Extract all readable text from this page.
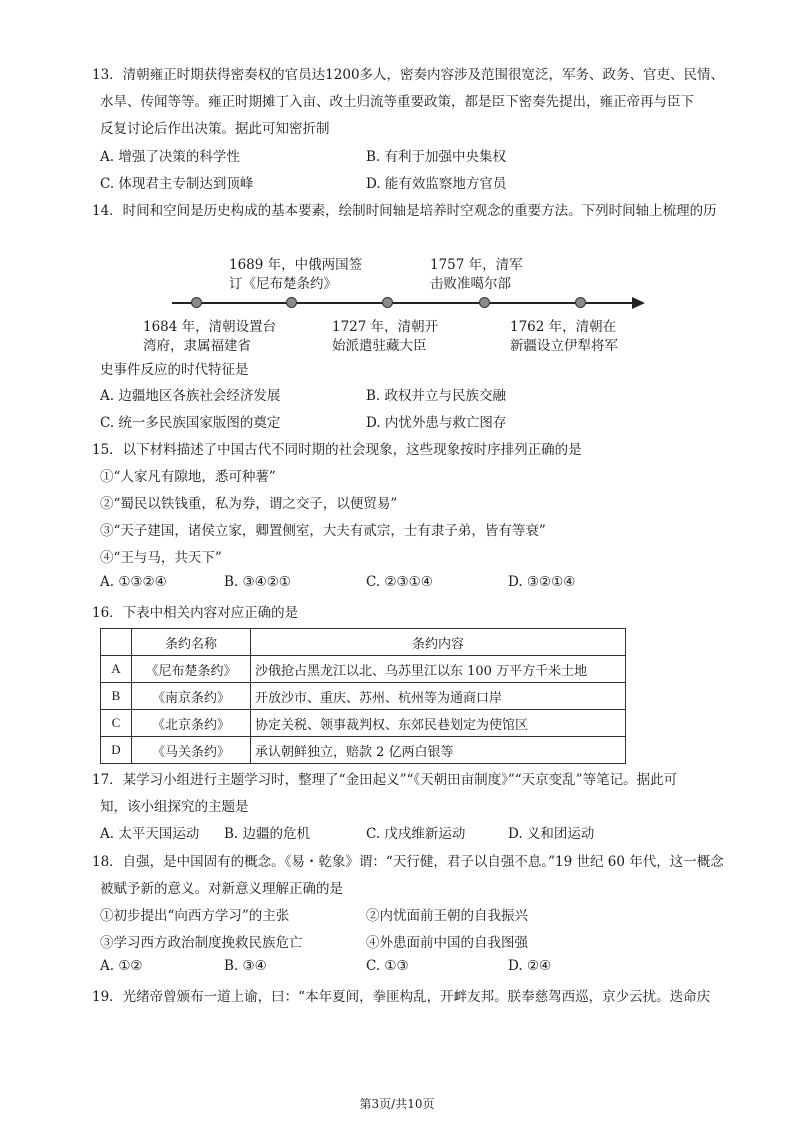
13．清朝雍正时期获得密奏权的官员达1200多人，密奏内容涉及范围很宽泛，军务、政务、官吏、民情、
水旱、传闻等等。雍正时期摊丁入亩、改土归流等重要政策，都是臣下密奏先提出，雍正帝再与臣下
反复讨论后作出决策。据此可知密折制
A. 增强了决策的科学性	B. 有利于加强中央集权
C. 体现君主专制达到顶峰	D. 能有效监察地方官员
14．时间和空间是历史构成的基本要素，绘制时间轴是培养时空观念的重要方法。下列时间轴上梳理的历
1689 年，中俄两国签
订《尼布楚条约》
1757 年，清军
击败准噶尔部
1684 年，清朝设置台
湾府，隶属福建省
1727 年，清朝开
始派遣驻藏大臣
1762 年，清朝在
新疆设立伊犁将军
史事件反应的时代特征是
A. 边疆地区各族社会经济发展	B. 政权并立与民族交融
C. 统一多民族国家版图的奠定	D. 内忧外患与救亡图存
15．以下材料描述了中国古代不同时期的社会现象，这些现象按时序排列正确的是
①“人家凡有隙地，悉可种薯”
②“蜀民以铁钱重，私为券，谓之交子，以便贸易”
③“天子建国，诸侯立家，卿置侧室，大夫有贰宗，士有隶子弟，皆有等衰”
④“王与马，共天下”
A. ①③②④	B. ③④②①	C. ②③①④	D. ③②①④
16．下表中相关内容对应正确的是
	条约名称	条约内容
A	《尼布楚条约》	沙俄抢占黑龙江以北、乌苏里江以东 100 万平方千米土地
B	《南京条约》	开放沙市、重庆、苏州、杭州等为通商口岸
C	《北京条约》	协定关税、领事裁判权、东郊民巷划定为使馆区
D	《马关条约》	承认朝鲜独立，赔款 2 亿两白银等
17．某学习小组进行主题学习时，整理了“金田起义”“《天朝田亩制度》”“天京变乱”等笔记。据此可
知，该小组探究的主题是
A. 太平天国运动 B. 边疆的危机	C. 戊戌维新运动	D. 义和团运动
18．自强，是中国固有的概念。《易・乾象》谓：“天行健，君子以自强不息。”19 世纪 60 年代，这一概念
被赋予新的意义。对新意义理解正确的是
①初步提出“向西方学习”的主张	②内忧面前王朝的自我振兴
③学习西方政治制度挽救民族危亡	④外患面前中国的自我图强
A. ①②	B. ③④	C. ①③	D. ②④
19．光绪帝曾颁布一道上谕，曰：“本年夏间，拳匪构乱，开衅友邦。朕奉慈驾西巡，京少云扰。迭命庆
第3页/共10页
